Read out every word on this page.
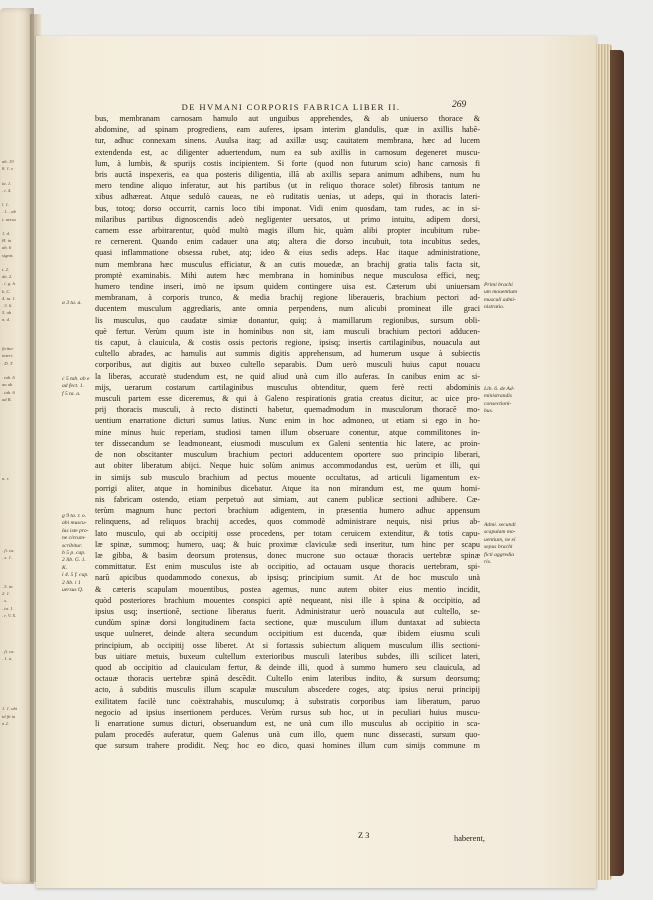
ab. 19
8. 1. e

ta. 1.
. i. 4.

l. 1.
. 1. . ab
t. uersu

1. d.
H. in
ab. 6
signis

t. 2.
da. 2.
. i. g. h.
k. C.
4. ta. 1.
. 3. 6.
5. ab
n. d.

ficitur
interi.
. D. T.

. tab. 6
an ab
. tab. 6
ad K.

a. r.

. fi. ea.
. x. 1.

. 5. ta.
2. 1.
. s.
. ta. 1.
. r. V. X.

. fi. ca.
. 1. a.

1. 1. ubi
id fit in
n 2.
DE HVMANI CORPORIS FABRICA LIBER II.	269
bus, membranam carnosam hamulo aut unguibus apprehendes, & ab uniuerso thorace &
abdomine, ad spinam progrediens, eam auferes, ipsam interim glandulis, quæ in axillis habẽ-
tur, adhuc connexam sinens. Auulsa itaq; ad axillæ usq; cauitatem membrana, hæc ad lucem
extendenda est, ac diligenter aduertendum, num ea sub axillis in carnosum degeneret muscu-
lum, à lumbis, & spurijs costis incipientem. Si forte (quod non futurum scio) hanc carnosis fi
bris auctã inspexeris, ea qua posteris diligentia, illã ab axillis separa animum adhibens, num hu
mero tendine aliquo inferatur, aut his partibus (ut in reliquo thorace solet) fibrosis tantum ne
xibus adhæreat. Atque sedulò caueas, ne eò ruditatis uenias, ut adeps, qui in thoracis lateri-
bus, totoq; dorso occurrit, carnis loco tibi imponat. Vidi enim quosdam, tam rudes, ac in si-
milaribus partibus dignoscendis adeò negligenter uersatos, ut primo intuitu, adipem dorsi,
carnem esse arbitrarentur, quòd multò magis illum hic, quàm alibi propter incubitum rube-
re cernerent. Quando enim cadauer una atq; altera die dorso incubuit, tota incubitus sedes,
quasi inflammatione obsessa rubet, atq; ideo & eius sedis adeps. Hac itaque administratione,
num membrana hæc musculus efficiatur, & an cutis mouedæ, an brachij gratia talis facta sit,
promptè examinabis. Mihi autem hæc membrana in hominibus neque musculosa effici, neq;
humero tendine inseri, imò ne ipsum quidem contingere uisa est. Cæterum ubi uniuersam
membranam, à corporis trunco, & media brachij regione liberaueris, brachium pectori ad-
ducentem musculum aggrediaris, ante omnia perpendens, num alicubi promineat ille graci
lis musculus, quo caudatæ simiæ donantur, quiq; à mamillarum regionibus, sursum obli-
què fertur. Verùm quum iste in hominibus non sit, iam musculi brachium pectori adducen-
tis caput, à clauicula, & costis ossis pectoris regione, ipsisq; insertis cartilaginibus, nouacula aut
cultello abrades, ac hamulis aut summis digitis apprehensum, ad humerum usque à subiectis
corporibus, aut digitis aut buxeo cultello separabis. Dum uerò musculi huius caput nouacu
la liberas, accuratè studendum est, ne quid aliud unà cum illo auferas. In canibus enim ac si-
mijs, uerarum costarum cartilaginibus musculus obtenditur, quem ferè recti abdominis
musculi partem esse diceremus, & qui à Galeno respirationis gratia creatus dicitur, ac uice pro-
prij thoracis musculi, à recto distincti habetur, quemadmodum in musculorum thoracẽ mo-
uentium enarratione dicturi sumus latius. Nunc enim in hoc admoneo, ut etiam si ego in ho-
mine minus huic reperiam, studiosi tamen illum obseruare conentur, atque commilitones in-
ter dissecandum se leadmoneant, eiusmodi musculum ex Galeni sententia hic latere, ac proin-
de non obscitanter musculum brachium pectori adducentem oportere suo principio liberari,
aut obiter liberatum abijci. Neque huic solùm animus accommodandus est, uerùm et illi, qui
in simijs sub musculo brachium ad pectus mouente occultatus, ad articuli ligamentum ex-
porrigi aliter, atque in hominibus dicebatur. Atque ita non mirandum est, me quum homi-
nis fabricam ostendo, etiam perpetuò aut simiam, aut canem publicæ sectioni adhibere. Cæ-
terùm magnum hunc pectori brachium adigentem, in præsentia humero adhuc appensum
relinquens, ad reliquos brachij accedes, quos commodè administrare nequis, nisi prius ab-
lato musculo, qui ab occipitij osse procedens, per totam ceruicem extenditur, & totis capu-
læ spinæ, summoq; humero, uaq; & huic proximæ claviculæ sedi inseritur, tum hinc per scapu
læ gibba, & basim deorsum protensus, donec mucrone suo octauæ thoracis uertebræ spinæ
committatur. Est enim musculus iste ab occipitio, ad octauam usque thoracis uertebram, spi-
narũ apicibus quodammodo conexus, ab ipsisq; principium sumit. At de hoc musculo unà
& cæteris scapulam mouentibus, postea agemus, nunc autem obiter eius mentio incidit,
quòd posteriores brachium mouentes conspici aptè nequeant, nisi ille à spina & occipitio, ad
ipsius usq; insertionẽ, sectione liberatus fuerit. Administratur uerò nouacula aut cultello, se-
cundùm spinæ dorsi longitudinem facta sectione, quæ musculum illum duntaxat ad subiecta
usque uulneret, deinde altera secundum occipitium est ducenda, quæ ibidem eiusmu sculi
principium, ab occipitij osse liberet. At si fortassis subiectum aliquem musculum illis sectioni-
bus uitiare metuis, buxeum cultellum exterioribus musculi lateribus subdes, illi scilicet lateri,
quod ab occipitio ad clauiculam fertur, & deinde illi, quod à summo humero seu clauicula, ad
octauæ thoracis uertebræ spinã descẽdit. Cultello enim lateribus indito, & sursum deorsumq;
acto, à subditis musculis illum scapulæ musculum abscedere coges, atq; ipsius nerui principij
exilitatem facilè tunc coëxtrahabis, musculumq; à substratis corporibus iam liberatum, paruo
negocio ad ipsius insertionem perduces. Verùm rursus sub hoc, ut in peculiari huius muscu-
li enarratione sumus dicturi, obseruandum est, ne unà cum illo musculus ab occipitio in sca-
pulam procedẽs auferatur, quem Galenus unà cum illo, quem nunc dissecasti, sursum quo-
que sursum trahere prodidit. Neq; hoc eo dico, quasi homines illum cum simijs commune m
Primi brachi
um mouentium
musculi admi-
nistratio.
Lib. 6. de Ad-
ministrandis
consectioni-
bus.
Admi. secundi
scapulam mo-
uentium, ne ei
sepus brachi
ficti aggredia
ris.
a 3 ta. a.
c 5 tab. ab e
ad fect. 1.
f 5 ta. a.
g 9 ta. r. o.
abi muscu-
lus iste pro-
ne circum-
scribitur.
h 5 p. cap.
2 lib. G. 1.
K.
i 4. 5 f. cap.
2 lib. i 1
uersus Q.
Z 3	haberent,
